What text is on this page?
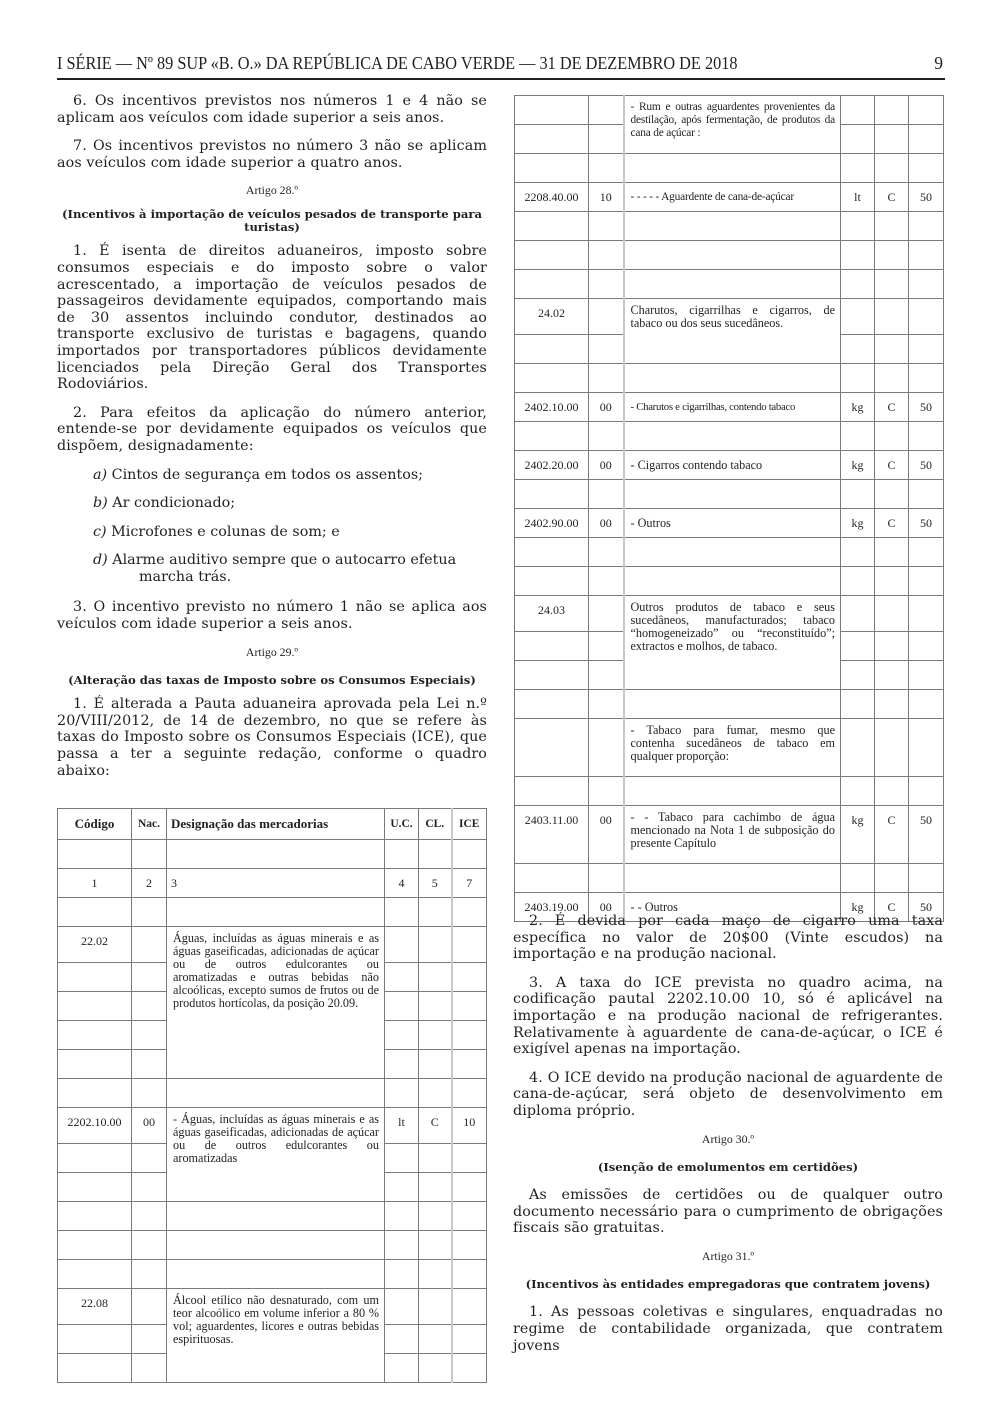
I SÉRIE — Nº 89 SUP «B. O.» DA REPÚBLICA DE CABO VERDE — 31 DE DEZEMBRO DE 2018	9

6. Os incentivos previstos nos números 1 e 4 não se aplicam aos veículos com idade superior a seis anos.

7. Os incentivos previstos no número 3 não se aplicam aos veículos com idade superior a quatro anos.

Artigo 28.º

(Incentivos à importação de veículos pesados de transporte para turistas)

1. É isenta de direitos aduaneiros, imposto sobre consumos especiais e do imposto sobre o valor acrescentado, a importação de veículos pesados de passageiros devidamente equipados, comportando mais de 30 assentos incluindo condutor, destinados ao transporte exclusivo de turistas e bagagens, quando importados por transportadores públicos devidamente licenciados pela Direção Geral dos Transportes Rodoviários.

2. Para efeitos da aplicação do número anterior, entende-se por devidamente equipados os veículos que dispõem, designadamente:

a) Cintos de segurança em todos os assentos;

b) Ar condicionado;

c) Microfones e colunas de som; e

d) Alarme auditivo sempre que o autocarro efetua
marcha trás.

3. O incentivo previsto no número 1 não se aplica aos veículos com idade superior a seis anos.

Artigo 29.º

(Alteração das taxas de Imposto sobre os Consumos Especiais)

1. É alterada a Pauta aduaneira aprovada pela Lei n.º 20/VIII/2012, de 14 de dezembro, no que se refere às taxas do Imposto sobre os Consumos Especiais (ICE), que passa a ter a seguinte redação, conforme o quadro abaixo:

Código	Nac.	Designação das mercadorias	U.C.	CL.	ICE

1	2	3	4	5	7

22.02		Águas, incluídas as águas minerais e as águas gaseificadas, adicionadas de açúcar ou de outros edulcorantes ou aromatizadas e outras bebidas não alcoólicas, excepto sumos de frutos ou de produtos hortícolas, da posição 20.09.			

2202.10.00	00	- Águas, incluídas as águas minerais e as águas gaseificadas, adicionadas de açúcar ou de outros edulcorantes ou aromatizadas	lt	C	10

22.08		Álcool etílico não desnaturado, com um teor alcoólico em volume inferior a 80 % vol; aguardentes, licores e outras bebidas espirituosas.			

		- Rum e outras aguardentes provenientes da destilação, após fermentação, de produtos da cana de açúcar :			

2208.40.00	10	- - - - - Aguardente de cana-de-açúcar	lt	C	50

24.02		Charutos, cigarrilhas e cigarros, de tabaco ou dos seus sucedâneos.			

2402.10.00	00	- Charutos e cigarrilhas, contendo tabaco	kg	C	50

2402.20.00	00	- Cigarros contendo tabaco	kg	C	50

2402.90.00	00	- Outros	kg	C	50

24.03		Outros produtos de tabaco e seus sucedâneos, manufacturados; tabaco “homogeneizado” ou “reconstituído”; extractos e molhos, de tabaco.			

		- Tabaco para fumar, mesmo que contenha sucedâneos de tabaco em qualquer proporção:			

2403.11.00	00	- - Tabaco para cachimbo de água mencionado na Nota 1 de subposição do presente Capítulo	kg	C	50

2403.19.00	00	- - Outros	kg	C	50

2. É devida por cada maço de cigarro uma taxa específica no valor de 20$00 (Vinte escudos) na importação e na produção nacional.

3. A taxa do ICE prevista no quadro acima, na codificação pautal 2202.10.00 10, só é aplicável na importação e na produção nacional de refrigerantes. Relativamente à aguardente de cana-de-açúcar, o ICE é exigível apenas na importação.

4. O ICE devido na produção nacional de aguardente de cana-de-açúcar, será objeto de desenvolvimento em diploma próprio.

Artigo 30.º

(Isenção de emolumentos em certidões)

As emissões de certidões ou de qualquer outro documento necessário para o cumprimento de obrigações fiscais são gratuitas.

Artigo 31.º

(Incentivos às entidades empregadoras que contratem jovens)

1. As pessoas coletivas e singulares, enquadradas no regime de contabilidade organizada, que contratem jovens
